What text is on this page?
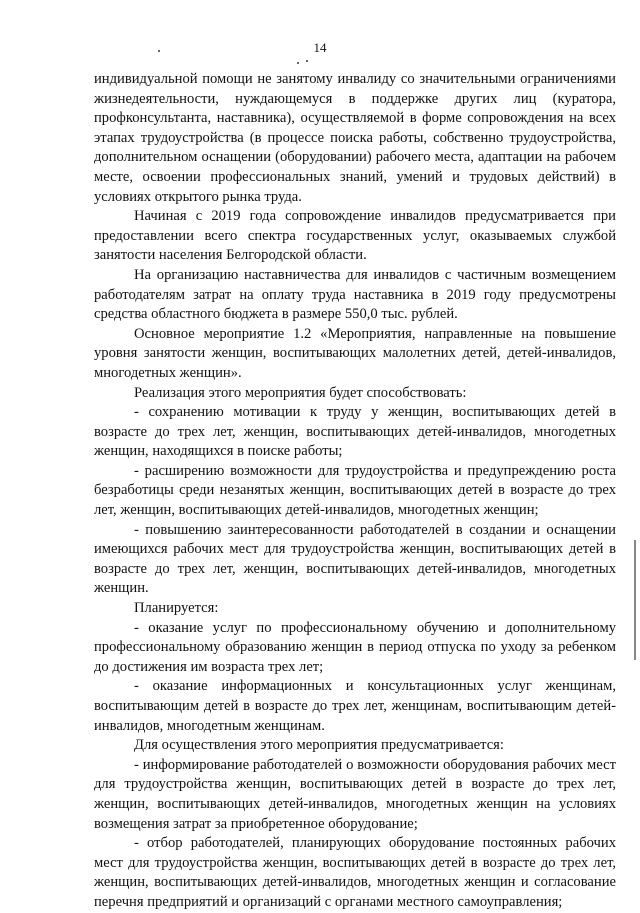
14

индивидуальной помощи не занятому инвалиду со значительными ограничениями жизнедеятельности, нуждающемуся в поддержке других лиц (куратора, профконсультанта, наставника), осуществляемой в форме сопровождения на всех этапах трудоустройства (в процессе поиска работы, собственно трудоустройства, дополнительном оснащении (оборудовании) рабочего места, адаптации на рабочем месте, освоении профессиональных знаний, умений и трудовых действий) в условиях открытого рынка труда.

Начиная с 2019 года сопровождение инвалидов предусматривается при предоставлении всего спектра государственных услуг, оказываемых службой занятости населения Белгородской области.

На организацию наставничества для инвалидов с частичным возмещением работодателям затрат на оплату труда наставника в 2019 году предусмотрены средства областного бюджета в размере 550,0 тыс. рублей.

Основное мероприятие 1.2 «Мероприятия, направленные на повышение уровня занятости женщин, воспитывающих малолетних детей, детей-инвалидов, многодетных женщин».

Реализация этого мероприятия будет способствовать:

- сохранению мотивации к труду у женщин, воспитывающих детей в возрасте до трех лет, женщин, воспитывающих детей-инвалидов, многодетных женщин, находящихся в поиске работы;

- расширению возможности для трудоустройства и предупреждению роста безработицы среди незанятых женщин, воспитывающих детей в возрасте до трех лет, женщин, воспитывающих детей-инвалидов, многодетных женщин;

- повышению заинтересованности работодателей в создании и оснащении имеющихся рабочих мест для трудоустройства женщин, воспитывающих детей в возрасте до трех лет, женщин, воспитывающих детей-инвалидов, многодетных женщин.

Планируется:

- оказание услуг по профессиональному обучению и дополнительному профессиональному образованию женщин в период отпуска по уходу за ребенком до достижения им возраста трех лет;

- оказание информационных и консультационных услуг женщинам, воспитывающим детей в возрасте до трех лет, женщинам, воспитывающим детей-инвалидов, многодетным женщинам.

Для осуществления этого мероприятия предусматривается:

- информирование работодателей о возможности оборудования рабочих мест для трудоустройства женщин, воспитывающих детей в возрасте до трех лет, женщин, воспитывающих детей-инвалидов, многодетных женщин на условиях возмещения затрат за приобретенное оборудование;

- отбор работодателей, планирующих оборудование постоянных рабочих мест для трудоустройства женщин, воспитывающих детей в возрасте до трех лет, женщин, воспитывающих детей-инвалидов, многодетных женщин и согласование перечня предприятий и организаций с органами местного самоуправления;
